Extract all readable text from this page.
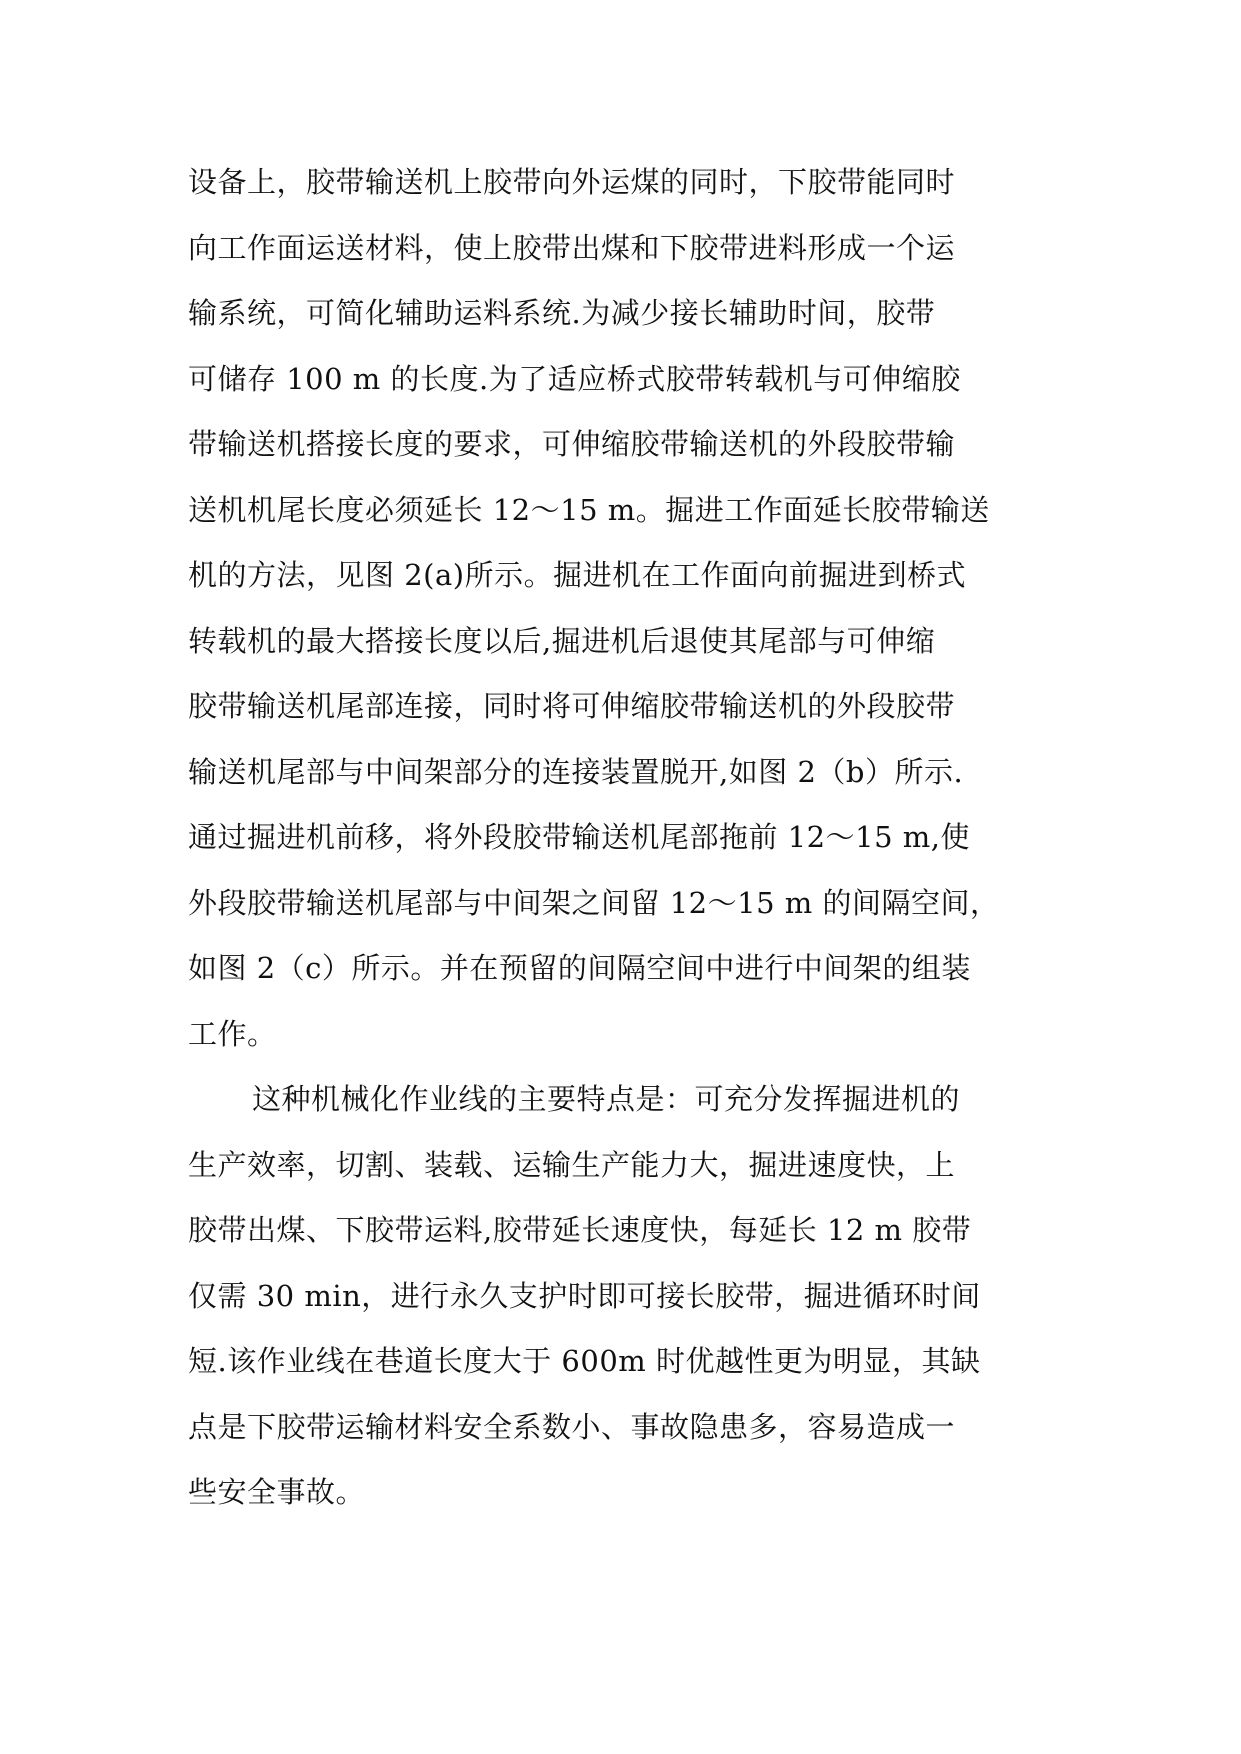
设备上，胶带输送机上胶带向外运煤的同时，下胶带能同时
向工作面运送材料，使上胶带出煤和下胶带进料形成一个运
输系统，可简化辅助运料系统.为减少接长辅助时间，胶带
可储存 100 m 的长度.为了适应桥式胶带转载机与可伸缩胶
带输送机搭接长度的要求，可伸缩胶带输送机的外段胶带输
送机机尾长度必须延长 12～15 m。掘进工作面延长胶带输送
机的方法，见图 2(a)所示。掘进机在工作面向前掘进到桥式
转载机的最大搭接长度以后,掘进机后退使其尾部与可伸缩
胶带输送机尾部连接，同时将可伸缩胶带输送机的外段胶带
输送机尾部与中间架部分的连接装置脱开,如图 2（b）所示.
通过掘进机前移，将外段胶带输送机尾部拖前 12～15 m,使
外段胶带输送机尾部与中间架之间留 12～15 m 的间隔空间，
如图 2（c）所示。并在预留的间隔空间中进行中间架的组装
工作。
这种机械化作业线的主要特点是：可充分发挥掘进机的
生产效率，切割、装载、运输生产能力大，掘进速度快，上
胶带出煤、下胶带运料,胶带延长速度快，每延长 12 m 胶带
仅需 30 min，进行永久支护时即可接长胶带，掘进循环时间
短.该作业线在巷道长度大于 600m 时优越性更为明显，其缺
点是下胶带运输材料安全系数小、事故隐患多，容易造成一
些安全事故。
